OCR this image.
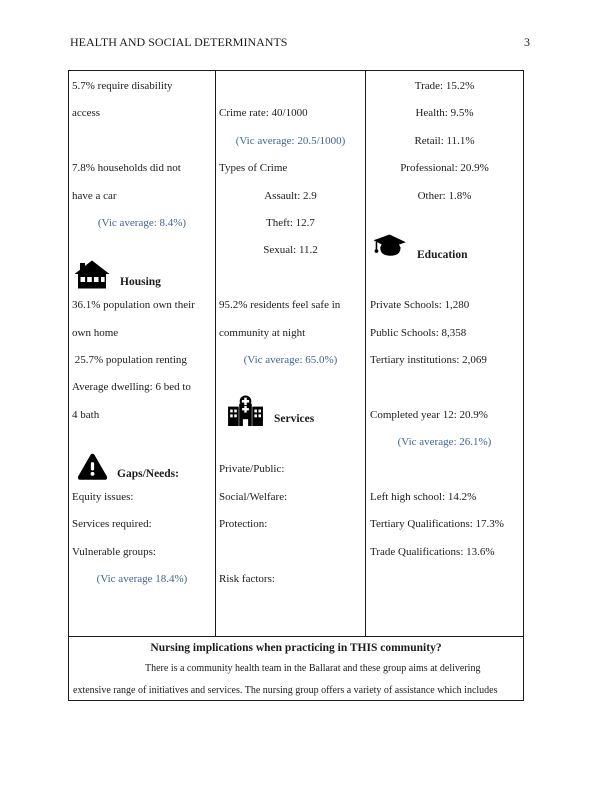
HEALTH AND SOCIAL DETERMINANTS	3
5.7% require disability
access

7.8% households did not
have a car
(Vic average: 8.4%)
Housing
36.1% population own their
own home
25.7% population renting
Average dwelling: 6 bed to
4 bath
Gaps/Needs:
Equity issues:
Services required:
Vulnerable groups:
(Vic average 18.4%)

Crime rate: 40/1000
(Vic average: 20.5/1000)
Types of Crime
Assault: 2.9
Theft: 12.7
Sexual: 11.2

95.2% residents feel safe in
community at night
(Vic average: 65.0%)
Services

Private/Public:
Social/Welfare:
Protection:

Risk factors:
Trade: 15.2%
Health: 9.5%
Retail: 11.1%
Professional: 20.9%
Other: 1.8%
Education

Private Schools: 1,280
Public Schools: 8,358
Tertiary institutions: 2,069

Completed year 12: 20.9%
(Vic average: 26.1%)

Left high school: 14.2%
Tertiary Qualifications: 17.3%
Trade Qualifications: 13.6%
Nursing implications when practicing in THIS community?
There is a community health team in the Ballarat and these group aims at delivering
extensive range of initiatives and services. The nursing group offers a variety of assistance which includes
